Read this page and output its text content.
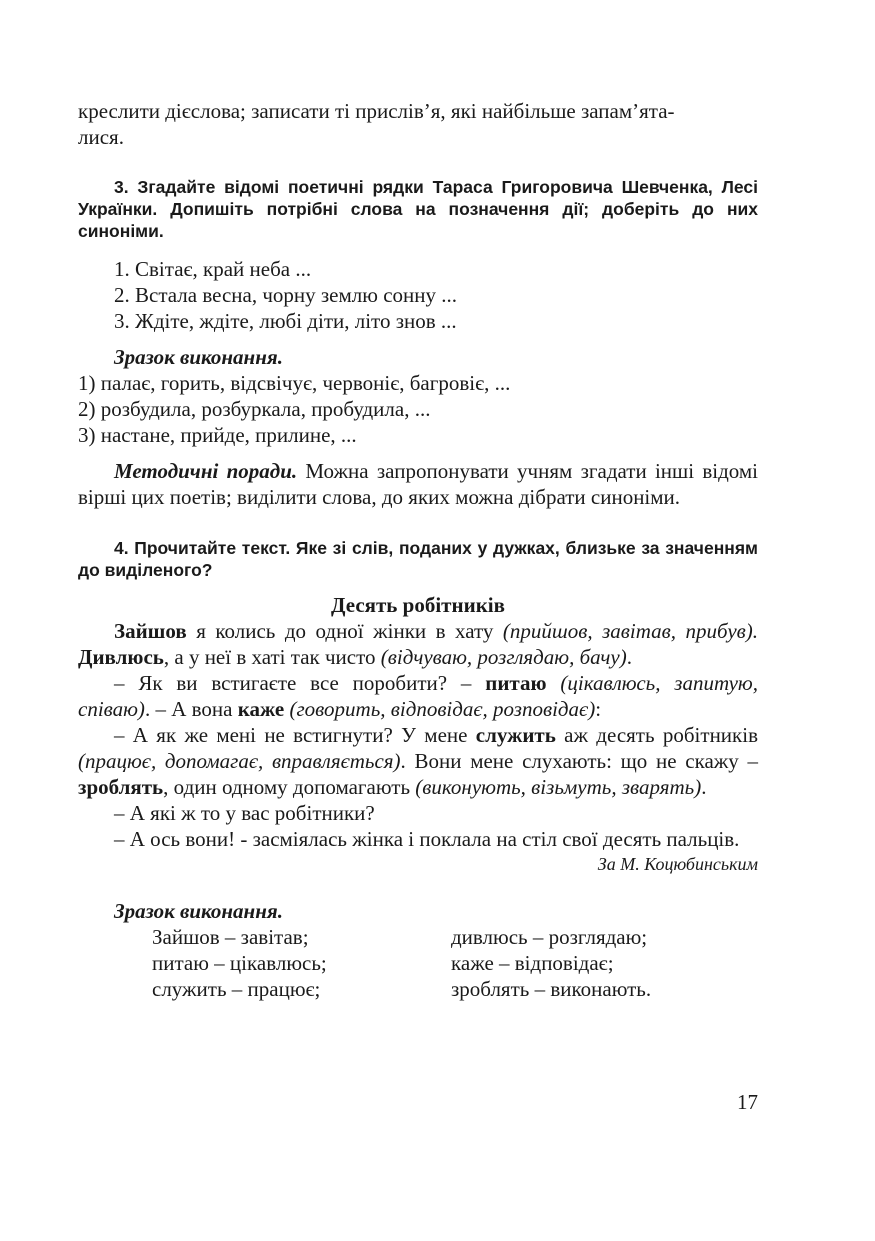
креслити дієслова; записати ті прислів’я, які найбільше запам’ята-

лися.

3. Згадайте відомі поетичні рядки Тараса Григоровича Шевченка, Лесі Українки. Допишіть потрібні слова на позначення дії; доберіть до них синоніми.

1. Світає, край неба ...

2. Встала весна, чорну землю сонну ...

3. Ждіте, ждіте, любі діти, літо знов ...

Зразок виконання.

1) палає, горить, відсвічує, червоніє, багровіє, ...

2) розбудила, розбуркала, пробудила, ...

3) настане, прийде, прилине, ...

Методичні поради. Можна запропонувати учням згадати інші відомі вірші цих поетів; виділити слова, до яких можна дібрати синоніми.

4. Прочитайте текст. Яке зі слів, поданих у дужках, близьке за значенням до виділеного?

Десять робітників

Зайшов я колись до одної жінки в хату (прийшов, завітав, прибув). Дивлюсь, а у неї в хаті так чисто (відчуваю, розглядаю, бачу).

– Як ви встигаєте все поробити? – питаю (цікавлюсь, запитую, співаю). – А вона каже (говорить, відповідає, розповідає):

– А як же мені не встигнути? У мене служить аж десять робітників (працює, допомагає, вправляється). Вони мене слухають: що не скажу – зроблять, один одному допомагають (виконують, візьмуть, зварять).

– А які ж то у вас робітники?

– А ось вони! - засміялась жінка і поклала на стіл свої десять пальців.

За М. Коцюбинським

Зразок виконання.

Зайшов – завітав;	дивлюсь – розглядаю;
питаю – цікавлюсь;	каже – відповідає;
служить – працює;	зроблять – виконають.
17
